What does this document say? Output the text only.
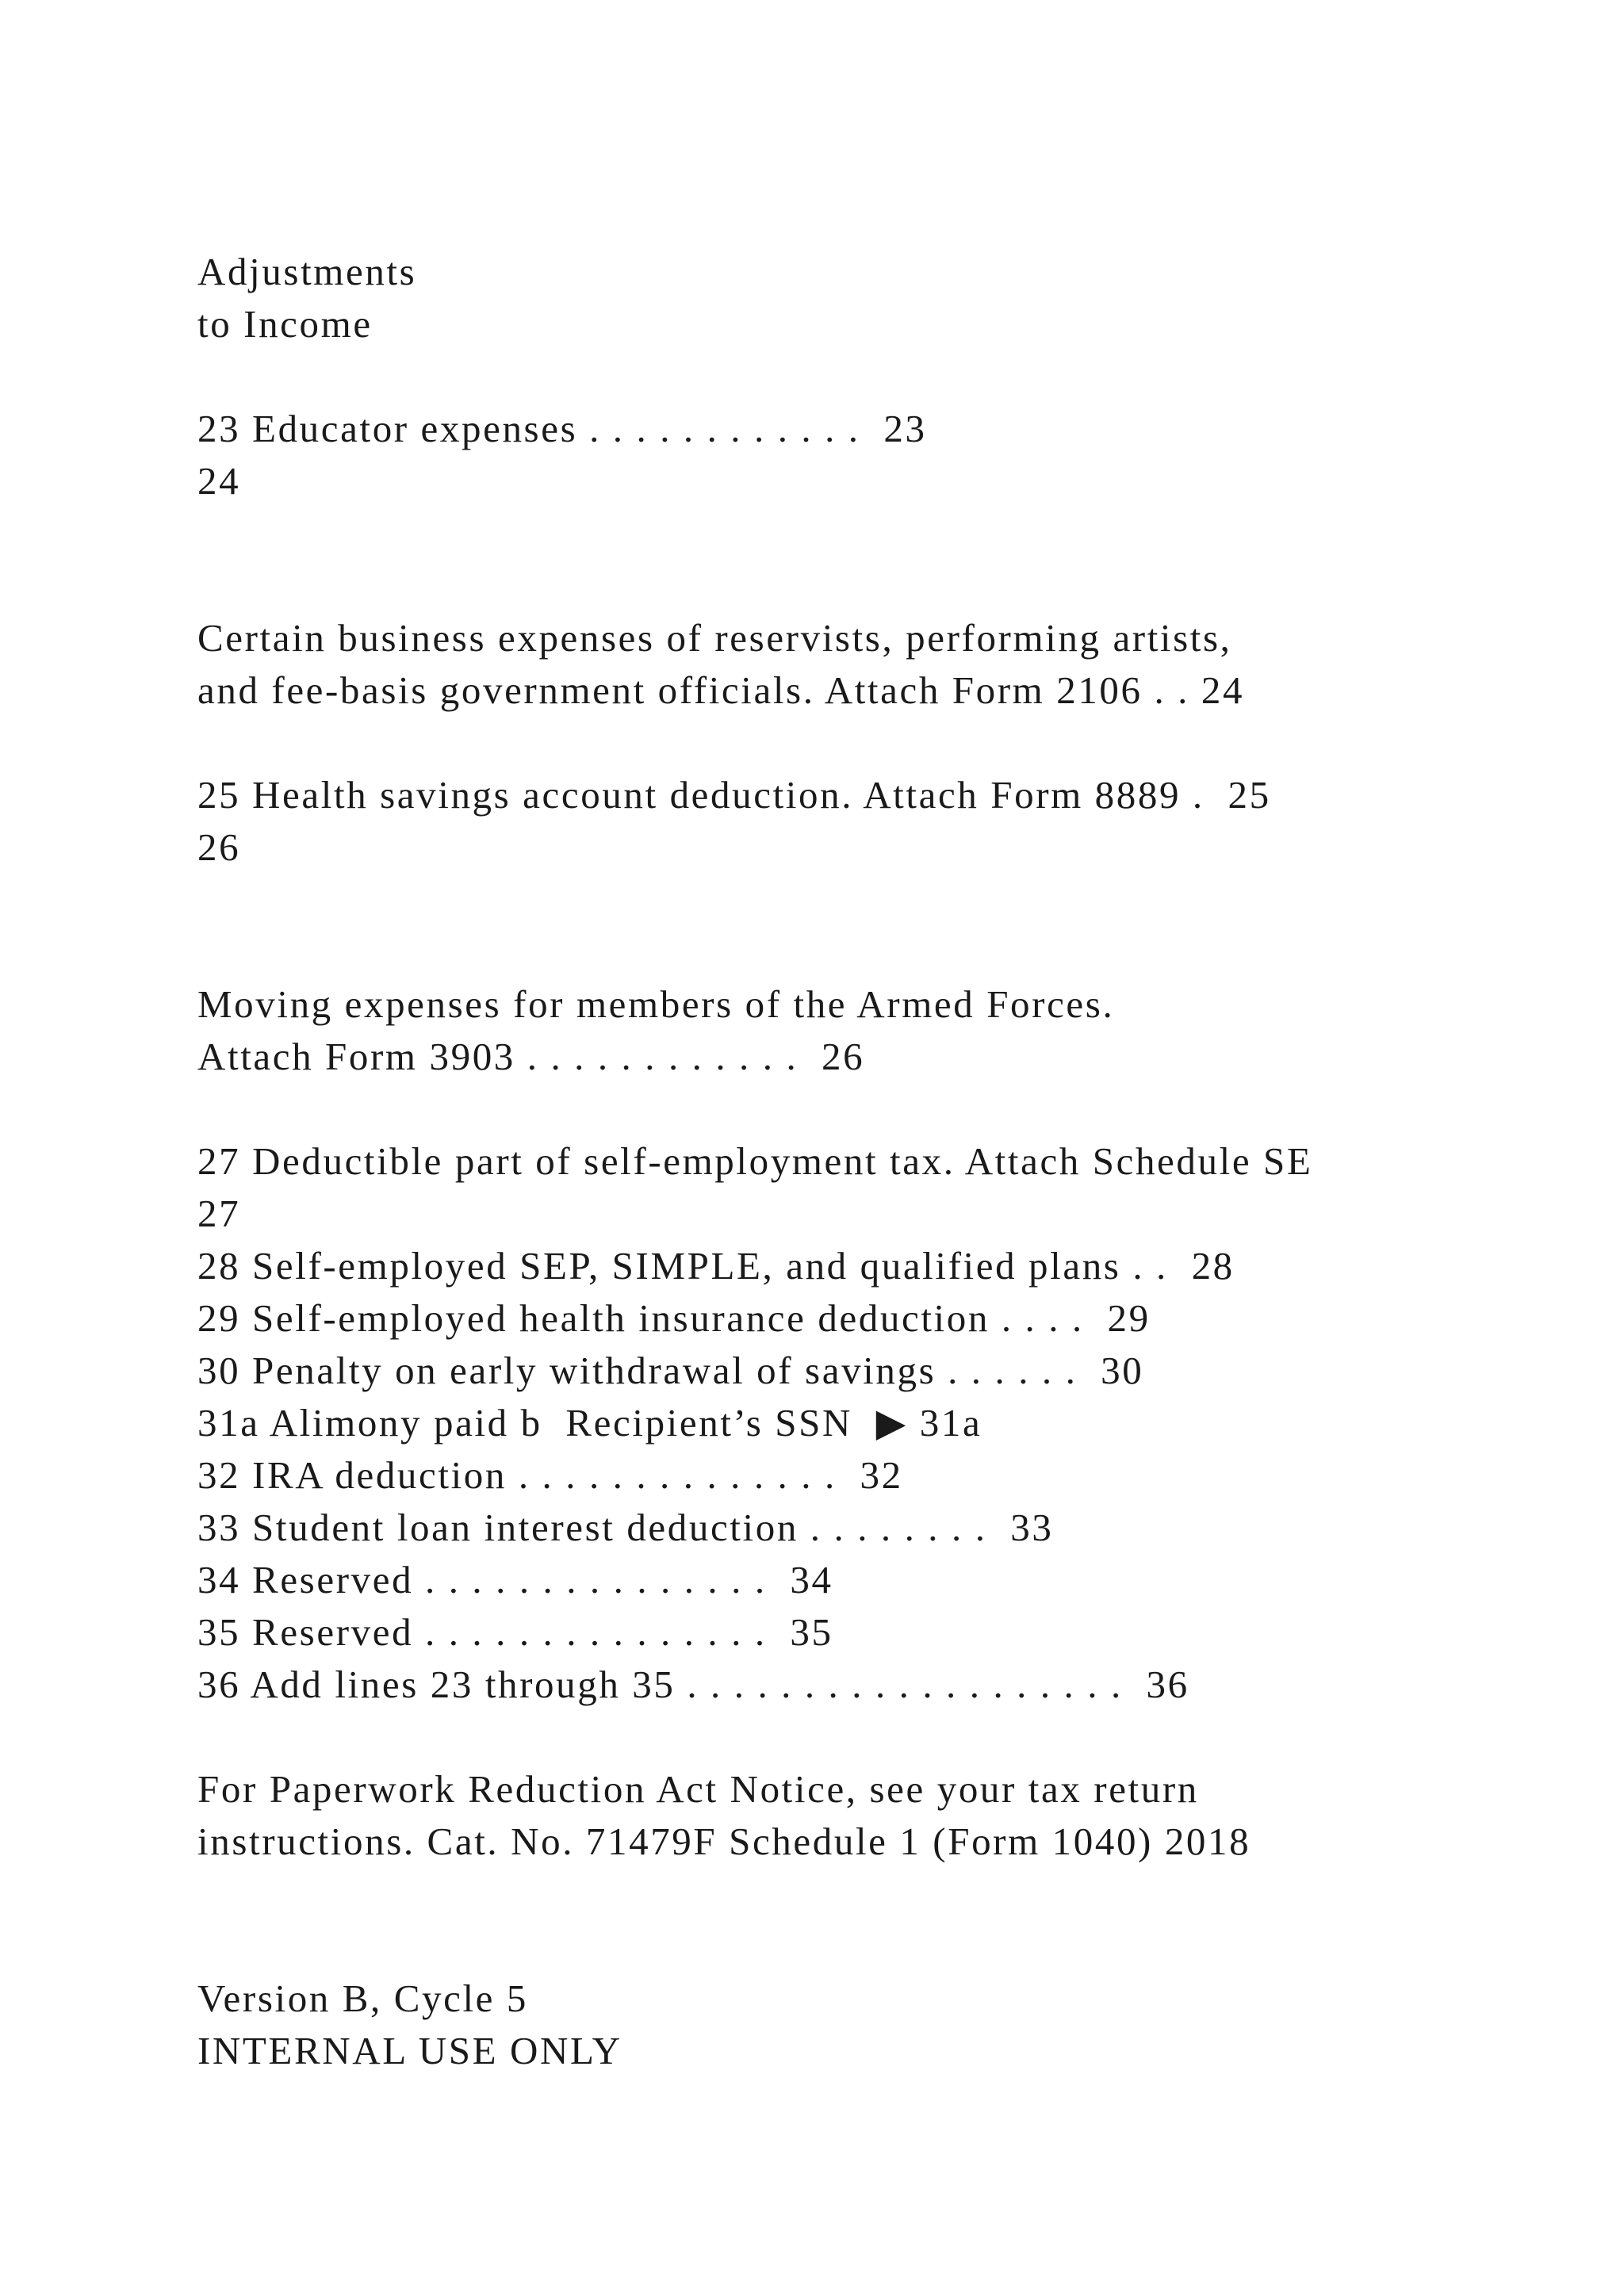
Adjustments
to Income
23 Educator expenses . . . . . . . . . . . .  23
24
Certain business expenses of reservists, performing artists,
and fee-basis government officials. Attach Form 2106 . . 24
25 Health savings account deduction. Attach Form 8889 .  25
26
Moving expenses for members of the Armed Forces.
Attach Form 3903 . . . . . . . . . . . .  26
27 Deductible part of self-employment tax. Attach Schedule SE
27
28 Self-employed SEP, SIMPLE, and qualified plans . .  28
29 Self-employed health insurance deduction . . . .  29
30 Penalty on early withdrawal of savings . . . . . .  30
31a Alimony paid b  Recipient’s SSN  ▶ 31a
32 IRA deduction . . . . . . . . . . . . . .  32
33 Student loan interest deduction . . . . . . . .  33
34 Reserved . . . . . . . . . . . . . . .  34
35 Reserved . . . . . . . . . . . . . . .  35
36 Add lines 23 through 35 . . . . . . . . . . . . . . . . . . .  36
For Paperwork Reduction Act Notice, see your tax return
instructions. Cat. No. 71479F Schedule 1 (Form 1040) 2018
Version B, Cycle 5
INTERNAL USE ONLY
